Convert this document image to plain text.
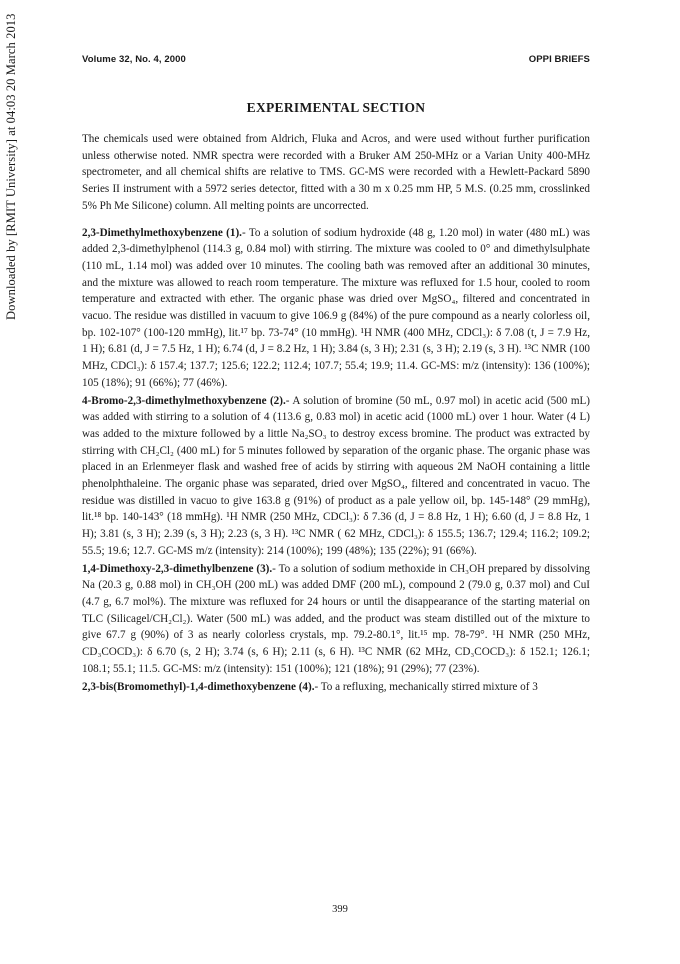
Downloaded by [RMIT University] at 04:03 20 March 2013	Volume 32, No. 4, 2000	OPPI BRIEFS
EXPERIMENTAL SECTION
The chemicals used were obtained from Aldrich, Fluka and Acros, and were used without further purification unless otherwise noted. NMR spectra were recorded with a Bruker AM 250-MHz or a Varian Unity 400-MHz spectrometer, and all chemical shifts are relative to TMS. GC-MS were recorded with a Hewlett-Packard 5890 Series II instrument with a 5972 series detector, fitted with a 30 m x 0.25 mm HP, 5 M.S. (0.25 mm, crosslinked 5% Ph Me Silicone) column. All melting points are uncorrected.
2,3-Dimethylmethoxybenzene (1).- To a solution of sodium hydroxide (48 g, 1.20 mol) in water (480 mL) was added 2,3-dimethylphenol (114.3 g, 0.84 mol) with stirring. The mixture was cooled to 0° and dimethylsulphate (110 mL, 1.14 mol) was added over 10 minutes. The cooling bath was removed after an additional 30 minutes, and the mixture was allowed to reach room temperature. The mixture was refluxed for 1.5 hour, cooled to room temperature and extracted with ether. The organic phase was dried over MgSO₄, filtered and concentrated in vacuo. The residue was distilled in vacuum to give 106.9 g (84%) of the pure compound as a nearly colorless oil, bp. 102-107° (100-120 mmHg), lit.¹⁷ bp. 73-74° (10 mmHg). ¹H NMR (400 MHz, CDCl₃): δ 7.08 (t, J = 7.9 Hz, 1 H); 6.81 (d, J = 7.5 Hz, 1 H); 6.74 (d, J = 8.2 Hz, 1 H); 3.84 (s, 3 H); 2.31 (s, 3 H); 2.19 (s, 3 H). ¹³C NMR (100 MHz, CDCl₃): δ 157.4; 137.7; 125.6; 122.2; 112.4; 107.7; 55.4; 19.9; 11.4. GC-MS: m/z (intensity): 136 (100%); 105 (18%); 91 (66%); 77 (46%).
4-Bromo-2,3-dimethylmethoxybenzene (2).- A solution of bromine (50 mL, 0.97 mol) in acetic acid (500 mL) was added with stirring to a solution of 4 (113.6 g, 0.83 mol) in acetic acid (1000 mL) over 1 hour. Water (4 L) was added to the mixture followed by a little Na₂SO₃ to destroy excess bromine. The product was extracted by stirring with CH₂Cl₂ (400 mL) for 5 minutes followed by separation of the organic phase. The organic phase was placed in an Erlenmeyer flask and washed free of acids by stirring with aqueous 2M NaOH containing a little phenolphthaleine. The organic phase was separated, dried over MgSO₄, filtered and concentrated in vacuo. The residue was distilled in vacuo to give 163.8 g (91%) of product as a pale yellow oil, bp. 145-148° (29 mmHg), lit.¹⁸ bp. 140-143° (18 mmHg). ¹H NMR (250 MHz, CDCl₃): δ 7.36 (d, J = 8.8 Hz, 1 H); 6.60 (d, J = 8.8 Hz, 1 H); 3.81 (s, 3 H); 2.39 (s, 3 H); 2.23 (s, 3 H). ¹³C NMR ( 62 MHz, CDCl₃): δ 155.5; 136.7; 129.4; 116.2; 109.2; 55.5; 19.6; 12.7. GC-MS m/z (intensity): 214 (100%); 199 (48%); 135 (22%); 91 (66%).
1,4-Dimethoxy-2,3-dimethylbenzene (3).- To a solution of sodium methoxide in CH₃OH prepared by dissolving Na (20.3 g, 0.88 mol) in CH₃OH (200 mL) was added DMF (200 mL), compound 2 (79.0 g, 0.37 mol) and CuI (4.7 g, 6.7 mol%). The mixture was refluxed for 24 hours or until the disappearance of the starting material on TLC (Silicagel/CH₂Cl₂). Water (500 mL) was added, and the product was steam distilled out of the mixture to give 67.7 g (90%) of 3 as nearly colorless crystals, mp. 79.2-80.1°, lit.¹⁵ mp. 78-79°. ¹H NMR (250 MHz, CD₃COCD₃): δ 6.70 (s, 2 H); 3.74 (s, 6 H); 2.11 (s, 6 H). ¹³C NMR (62 MHz, CD₃COCD₃): δ 152.1; 126.1; 108.1; 55.1; 11.5. GC-MS: m/z (intensity): 151 (100%); 121 (18%); 91 (29%); 77 (23%).
2,3-bis(Bromomethyl)-1,4-dimethoxybenzene (4).- To a refluxing, mechanically stirred mixture of 3
399
